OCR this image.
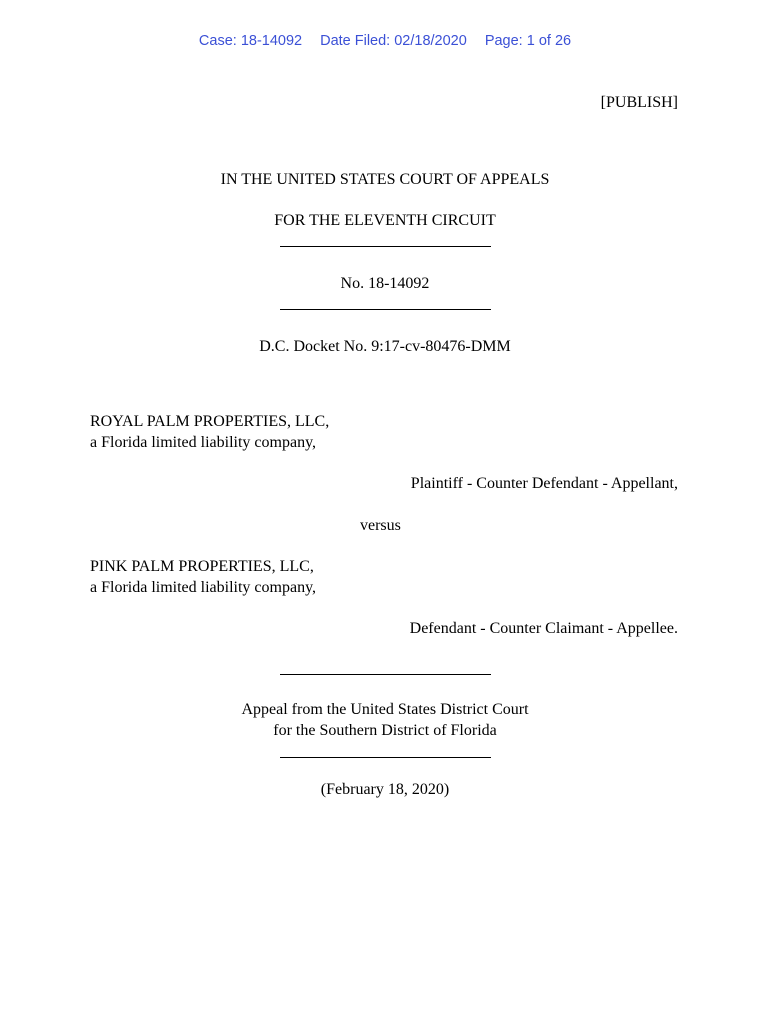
Case: 18-14092 Date Filed: 02/18/2020 Page: 1 of 26
[PUBLISH]
IN THE UNITED STATES COURT OF APPEALS
FOR THE ELEVENTH CIRCUIT
No. 18-14092
D.C. Docket No. 9:17-cv-80476-DMM
ROYAL PALM PROPERTIES, LLC,
a Florida limited liability company,
Plaintiff - Counter Defendant - Appellant,
versus
PINK PALM PROPERTIES, LLC,
a Florida limited liability company,
Defendant - Counter Claimant - Appellee.
Appeal from the United States District Court
for the Southern District of Florida
(February 18, 2020)
